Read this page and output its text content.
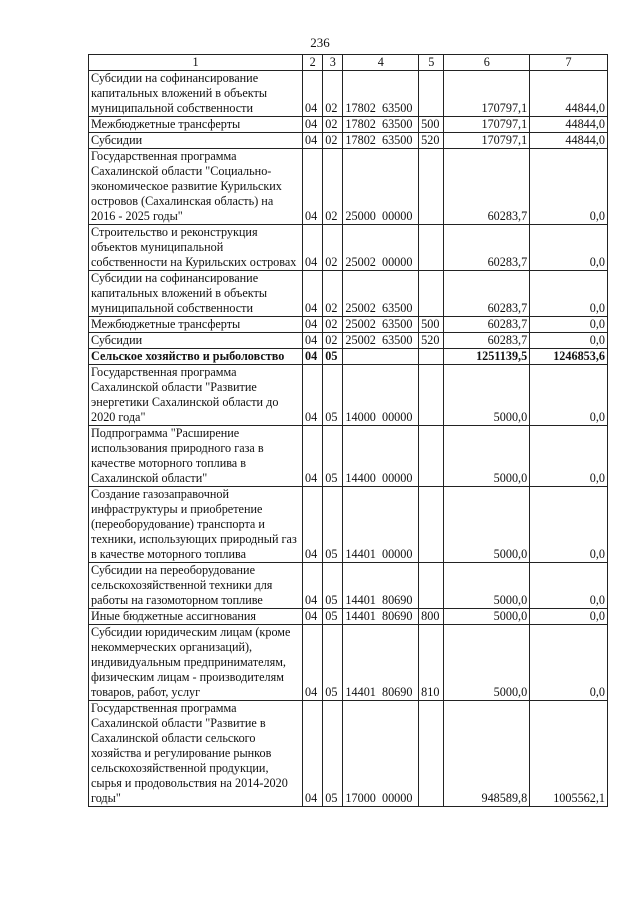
236
1	2	3	4	5	6	7
Субсидии на софинансирование капитальных вложений в объекты муниципальной собственности	04	02	17802  63500		170797,1	44844,0
Межбюджетные трансферты	04	02	17802  63500	500	170797,1	44844,0
Субсидии	04	02	17802  63500	520	170797,1	44844,0
Государственная программа Сахалинской области "Социально-экономическое развитие Курильских островов (Сахалинская область) на 2016 - 2025 годы"	04	02	25000  00000		60283,7	0,0
Строительство и реконструкция объектов муниципальной собственности на Курильских островах	04	02	25002  00000		60283,7	0,0
Субсидии на софинансирование капитальных вложений в объекты муниципальной собственности	04	02	25002  63500		60283,7	0,0
Межбюджетные трансферты	04	02	25002  63500	500	60283,7	0,0
Субсидии	04	02	25002  63500	520	60283,7	0,0
Сельское хозяйство и рыболовство	04	05			1251139,5	1246853,6
Государственная программа Сахалинской области "Развитие энергетики Сахалинской области до 2020 года"	04	05	14000  00000		5000,0	0,0
Подпрограмма "Расширение использования природного газа в качестве моторного топлива в Сахалинской области"	04	05	14400  00000		5000,0	0,0
Создание газозаправочной инфраструктуры и приобретение (переоборудование) транспорта и техники, использующих природный газ в качестве моторного топлива	04	05	14401  00000		5000,0	0,0
Субсидии на переоборудование сельскохозяйственной техники для работы на газомоторном топливе	04	05	14401  80690		5000,0	0,0
Иные бюджетные ассигнования	04	05	14401  80690	800	5000,0	0,0
Субсидии юридическим лицам (кроме некоммерческих организаций), индивидуальным предпринимателям, физическим лицам - производителям товаров, работ, услуг	04	05	14401  80690	810	5000,0	0,0
Государственная программа Сахалинской области "Развитие в Сахалинской области сельского хозяйства и регулирование рынков сельскохозяйственной продукции, сырья и продовольствия на 2014-2020 годы"	04	05	17000  00000		948589,8	1005562,1
